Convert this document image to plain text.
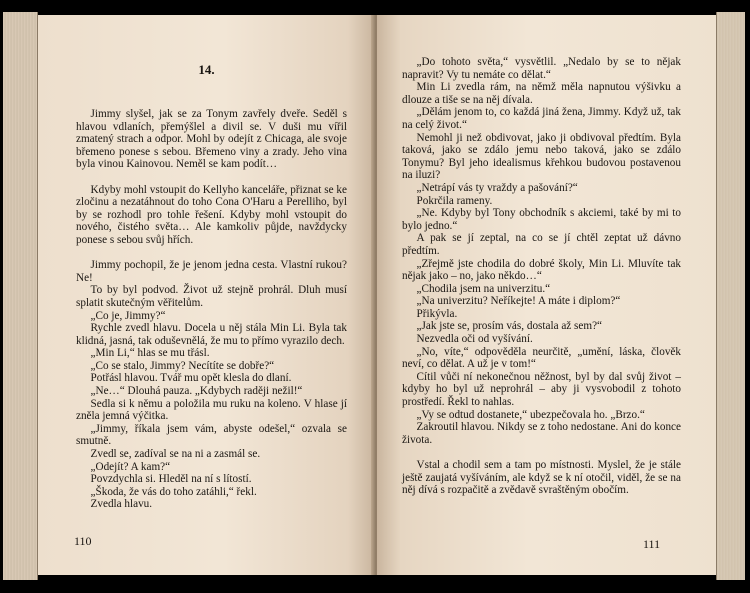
14.

Jimmy slyšel, jak se za Tonym zavřely dveře. Seděl s hlavou vdlaních, přemýšlel a divil se. V duši mu vířil zmatený strach a odpor. Mohl by odejít z Chicaga, ale svoje břemeno ponese s sebou. Břemeno viny a zrady. Jeho vina byla vinou Kainovou. Neměl se kam podít…

Kdyby mohl vstoupit do Kellyho kanceláře, přiznat se ke zločinu a nezatáhnout do toho Cona O'Haru a Perelliho, byl by se rozhodl pro tohle řešení. Kdyby mohl vstoupit do nového, čistého světa… Ale kamkoliv půjde, navždycky ponese s sebou svůj hřích.

Jimmy pochopil, že je jenom jedna cesta. Vlastní rukou? Ne!

To by byl podvod. Život už stejně prohrál. Dluh musí splatit skutečným věřitelům.

„Co je, Jimmy?“

Rychle zvedl hlavu. Docela u něj stála Min Li. Byla tak klidná, jasná, tak oduševnělá, že mu to přímo vyrazilo dech.

„Min Li,“ hlas se mu třásl.

„Co se stalo, Jimmy? Necítíte se dobře?“

Potřásl hlavou. Tvář mu opět klesla do dlaní.

„Ne…“ Dlouhá pauza. „Kdybych raději nežil!“

Sedla si k němu a položila mu ruku na koleno. V hlase jí zněla jemná výčitka.

„Jimmy, říkala jsem vám, abyste odešel,“ ozvala se smutně.

Zvedl se, zadíval se na ni a zasmál se.

„Odejít? A kam?“

Povzdychla si. Hleděl na ní s lítostí.

„Škoda, že vás do toho zatáhli,“ řekl.

Zvedla hlavu.

110

„Do tohoto světa,“ vysvětlil. „Nedalo by se to nějak napravit? Vy tu nemáte co dělat.“

Min Li zvedla rám, na němž měla napnutou výšivku a dlouze a tiše se na něj dívala.

„Dělám jenom to, co každá jiná žena, Jimmy. Když už, tak na celý život.“

Nemohl ji než obdivovat, jako ji obdivoval předtím. Byla taková, jako se zdálo jemu nebo taková, jako se zdálo Tonymu? Byl jeho idealismus křehkou budovou postavenou na iluzi?

„Netrápí vás ty vraždy a pašování?“

Pokrčila rameny.

„Ne. Kdyby byl Tony obchodník s akciemi, také by mi to bylo jedno.“

A pak se jí zeptal, na co se jí chtěl zeptat už dávno předtím.

„Zřejmě jste chodila do dobré školy, Min Li. Mluvíte tak nějak jako – no, jako někdo…“

„Chodila jsem na univerzitu.“

„Na univerzitu? Neříkejte! A máte i diplom?“

Přikývla.

„Jak jste se, prosím vás, dostala až sem?“

Nezvedla oči od vyšívání.

„No, víte,“ odpověděla neurčitě, „umění, láska, člověk neví, co dělat. A už je v tom!“

Cítil vůči ní nekonečnou něžnost, byl by dal svůj život – kdyby ho byl už neprohrál – aby ji vysvobodil z tohoto prostředí. Řekl to nahlas.

„Vy se odtud dostanete,“ ubezpečovala ho. „Brzo.“

Zakroutil hlavou. Nikdy se z toho nedostane. Ani do konce života.

Vstal a chodil sem a tam po místnosti. Myslel, že je stále ještě zaujatá vyšíváním, ale když se k ní otočil, viděl, že se na něj dívá s rozpačitě a zvědavě svraštěným obočím.

111
